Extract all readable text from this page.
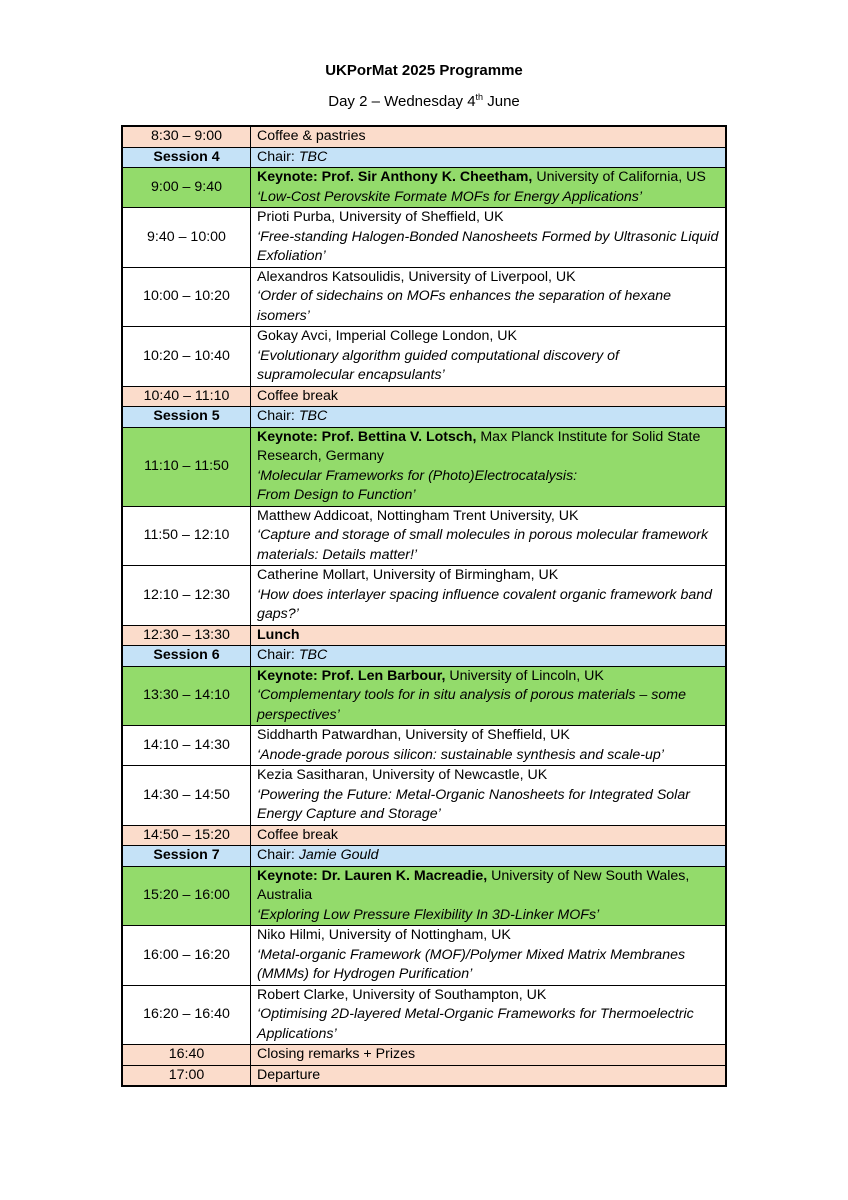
UKPorMat 2025 Programme
Day 2 – Wednesday 4th June
8:30 – 9:00	Coffee & pastries
Session 4	Chair: TBC
9:00 – 9:40	Keynote: Prof. Sir Anthony K. Cheetham, University of California, US
‘Low-Cost Perovskite Formate MOFs for Energy Applications’

9:40 – 10:00	Prioti Purba, University of Sheffield, UK
‘Free-standing Halogen-Bonded Nanosheets Formed by Ultrasonic Liquid Exfoliation’

10:00 – 10:20	Alexandros Katsoulidis, University of Liverpool, UK
‘Order of sidechains on MOFs enhances the separation of hexane isomers’

10:20 – 10:40	Gokay Avci, Imperial College London, UK
‘Evolutionary algorithm guided computational discovery of supramolecular encapsulants’

10:40 – 11:10	Coffee break
Session 5	Chair: TBC
11:10 – 11:50	Keynote: Prof. Bettina V. Lotsch, Max Planck Institute for Solid State Research, Germany
‘Molecular Frameworks for (Photo)Electrocatalysis:
From Design to Function’

11:50 – 12:10	Matthew Addicoat, Nottingham Trent University, UK
‘Capture and storage of small molecules in porous molecular framework materials: Details matter!’

12:10 – 12:30	Catherine Mollart, University of Birmingham, UK
‘How does interlayer spacing influence covalent organic framework band gaps?’

12:30 – 13:30	Lunch
Session 6	Chair: TBC
13:30 – 14:10	Keynote: Prof. Len Barbour, University of Lincoln, UK
‘Complementary tools for in situ analysis of porous materials – some perspectives’

14:10 – 14:30	Siddharth Patwardhan, University of Sheffield, UK
‘Anode-grade porous silicon: sustainable synthesis and scale-up’

14:30 – 14:50	Kezia Sasitharan, University of Newcastle, UK
‘Powering the Future: Metal-Organic Nanosheets for Integrated Solar Energy Capture and Storage’

14:50 – 15:20	Coffee break
Session 7	Chair: Jamie Gould
15:20 – 16:00	Keynote: Dr. Lauren K. Macreadie, University of New South Wales, Australia
‘Exploring Low Pressure Flexibility In 3D-Linker MOFs’

16:00 – 16:20	Niko Hilmi, University of Nottingham, UK
‘Metal-organic Framework (MOF)/Polymer Mixed Matrix Membranes (MMMs) for Hydrogen Purification’

16:20 – 16:40	Robert Clarke, University of Southampton, UK
‘Optimising 2D-layered Metal-Organic Frameworks for Thermoelectric Applications’

16:40	Closing remarks + Prizes
17:00	Departure
